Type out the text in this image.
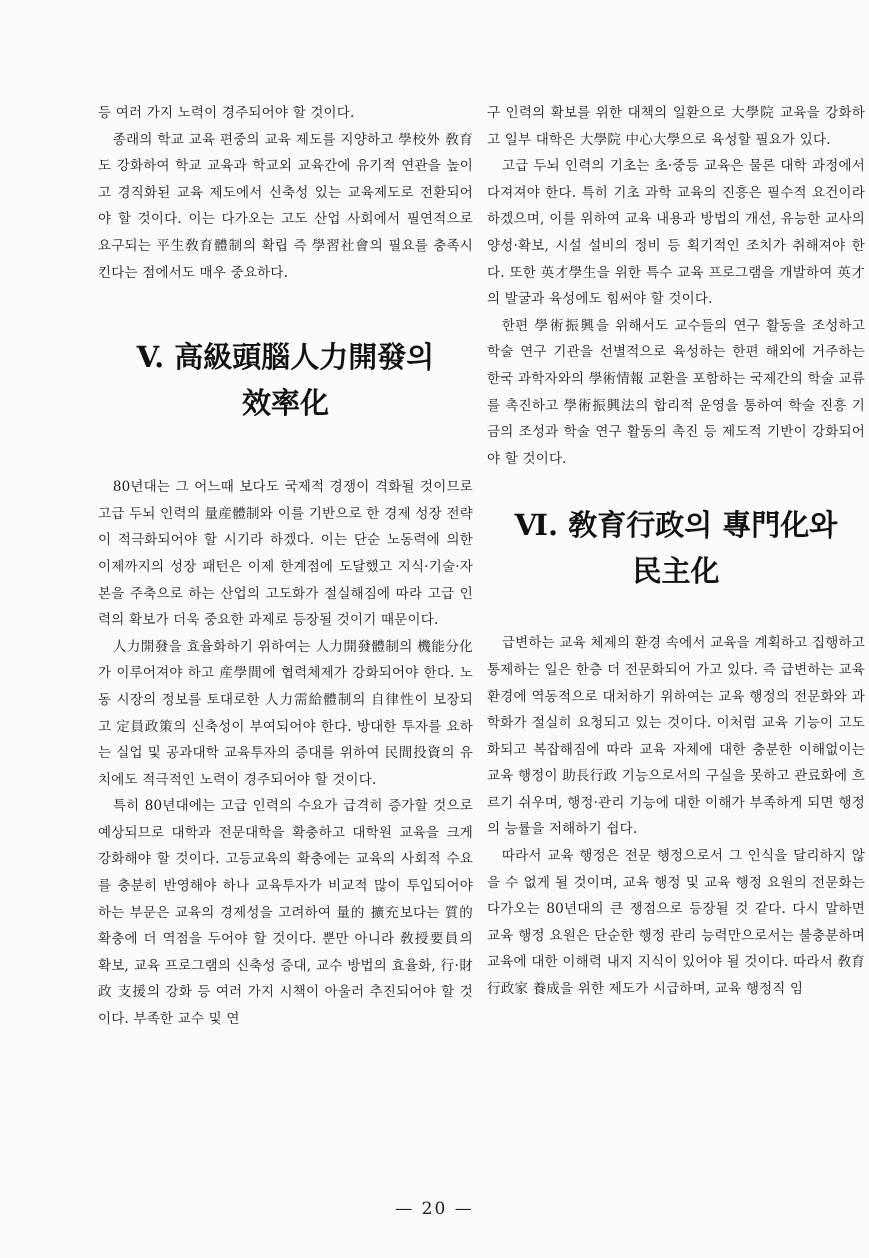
등 여러 가지 노력이 경주되어야 할 것이다.

종래의 학교 교육 편중의 교육 제도를 지양하고 學校外 敎育도 강화하여 학교 교육과 학교외 교육간에 유기적 연관을 높이고 경직화된 교육 제도에서 신축성 있는 교육제도로 전환되어야 할 것이다. 이는 다가오는 고도 산업 사회에서 필연적으로 요구되는 平生敎育體制의 확립 즉 學習社會의 필요를 충족시킨다는 점에서도 매우 중요하다.

V. 高級頭腦人力開發의
效率化

80년대는 그 어느때 보다도 국제적 경쟁이 격화될 것이므로 고급 두뇌 인력의 量産體制와 이를 기반으로 한 경제 성장 전략이 적극화되어야 할 시기라 하겠다. 이는 단순 노동력에 의한 이제까지의 성장 패턴은 이제 한계점에 도달했고 지식·기술·자본을 주축으로 하는 산업의 고도화가 절실해짐에 따라 고급 인력의 확보가 더욱 중요한 과제로 등장될 것이기 때문이다.

人力開發을 효율화하기 위하여는 人力開發體制의 機能分化가 이루어져야 하고 産學間에 협력체제가 강화되어야 한다. 노동 시장의 정보를 토대로한 人力需給體制의 自律性이 보장되고 定員政策의 신축성이 부여되어야 한다. 방대한 투자를 요하는 실업 및 공과대학 교육투자의 증대를 위하여 民間投資의 유치에도 적극적인 노력이 경주되어야 할 것이다.

특히 80년대에는 고급 인력의 수요가 급격히 증가할 것으로 예상되므로 대학과 전문대학을 확충하고 대학원 교육을 크게 강화해야 할 것이다. 고등교육의 확충에는 교육의 사회적 수요를 충분히 반영해야 하나 교육투자가 비교적 많이 투입되어야 하는 부문은 교육의 경제성을 고려하여 量的 擴充보다는 質的 확충에 더 역점을 두어야 할 것이다. 뿐만 아니라 敎授要員의 확보, 교육 프로그램의 신축성 증대, 교수 방법의 효율화, 行·財政 支援의 강화 등 여러 가지 시책이 아울러 추진되어야 할 것이다. 부족한 교수 및 연

구 인력의 확보를 위한 대책의 일환으로 大學院 교육을 강화하고 일부 대학은 大學院 中心大學으로 육성할 필요가 있다.

고급 두뇌 인력의 기초는 초·중등 교육은 물론 대학 과정에서 다져져야 한다. 특히 기초 과학 교육의 진흥은 필수적 요건이라 하겠으며, 이를 위하여 교육 내용과 방법의 개선, 유능한 교사의 양성·확보, 시설 설비의 정비 등 획기적인 조치가 취해져야 한다. 또한 英才學生을 위한 특수 교육 프로그램을 개발하여 英才의 발굴과 육성에도 힘써야 할 것이다.

한편 學術振興을 위해서도 교수들의 연구 활동을 조성하고 학술 연구 기관을 선별적으로 육성하는 한편 해외에 거주하는 한국 과학자와의 學術情報 교환을 포함하는 국제간의 학술 교류를 촉진하고 學術振興法의 합리적 운영을 통하여 학술 진흥 기금의 조성과 학술 연구 활동의 촉진 등 제도적 기반이 강화되어야 할 것이다.

Ⅵ. 敎育行政의 專門化와
民主化

급변하는 교육 체제의 환경 속에서 교육을 계획하고 집행하고 통제하는 일은 한층 더 전문화되어 가고 있다. 즉 급변하는 교육 환경에 역동적으로 대처하기 위하여는 교육 행정의 전문화와 과학화가 절실히 요청되고 있는 것이다. 이처럼 교육 기능이 고도화되고 복잡해짐에 따라 교육 자체에 대한 충분한 이해없이는 교육 행정이 助長行政 기능으로서의 구실을 못하고 관료화에 흐르기 쉬우며, 행정·관리 기능에 대한 이해가 부족하게 되면 행정의 능률을 저해하기 쉽다.

따라서 교육 행정은 전문 행정으로서 그 인식을 달리하지 않을 수 없게 될 것이며, 교육 행정 및 교육 행정 요원의 전문화는 다가오는 80년대의 큰 쟁점으로 등장될 것 같다. 다시 말하면 교육 행정 요원은 단순한 행정 관리 능력만으로서는 불충분하며 교육에 대한 이해력 내지 지식이 있어야 될 것이다. 따라서 敎育行政家 養成을 위한 제도가 시급하며, 교육 행정직 임

— 20 —
